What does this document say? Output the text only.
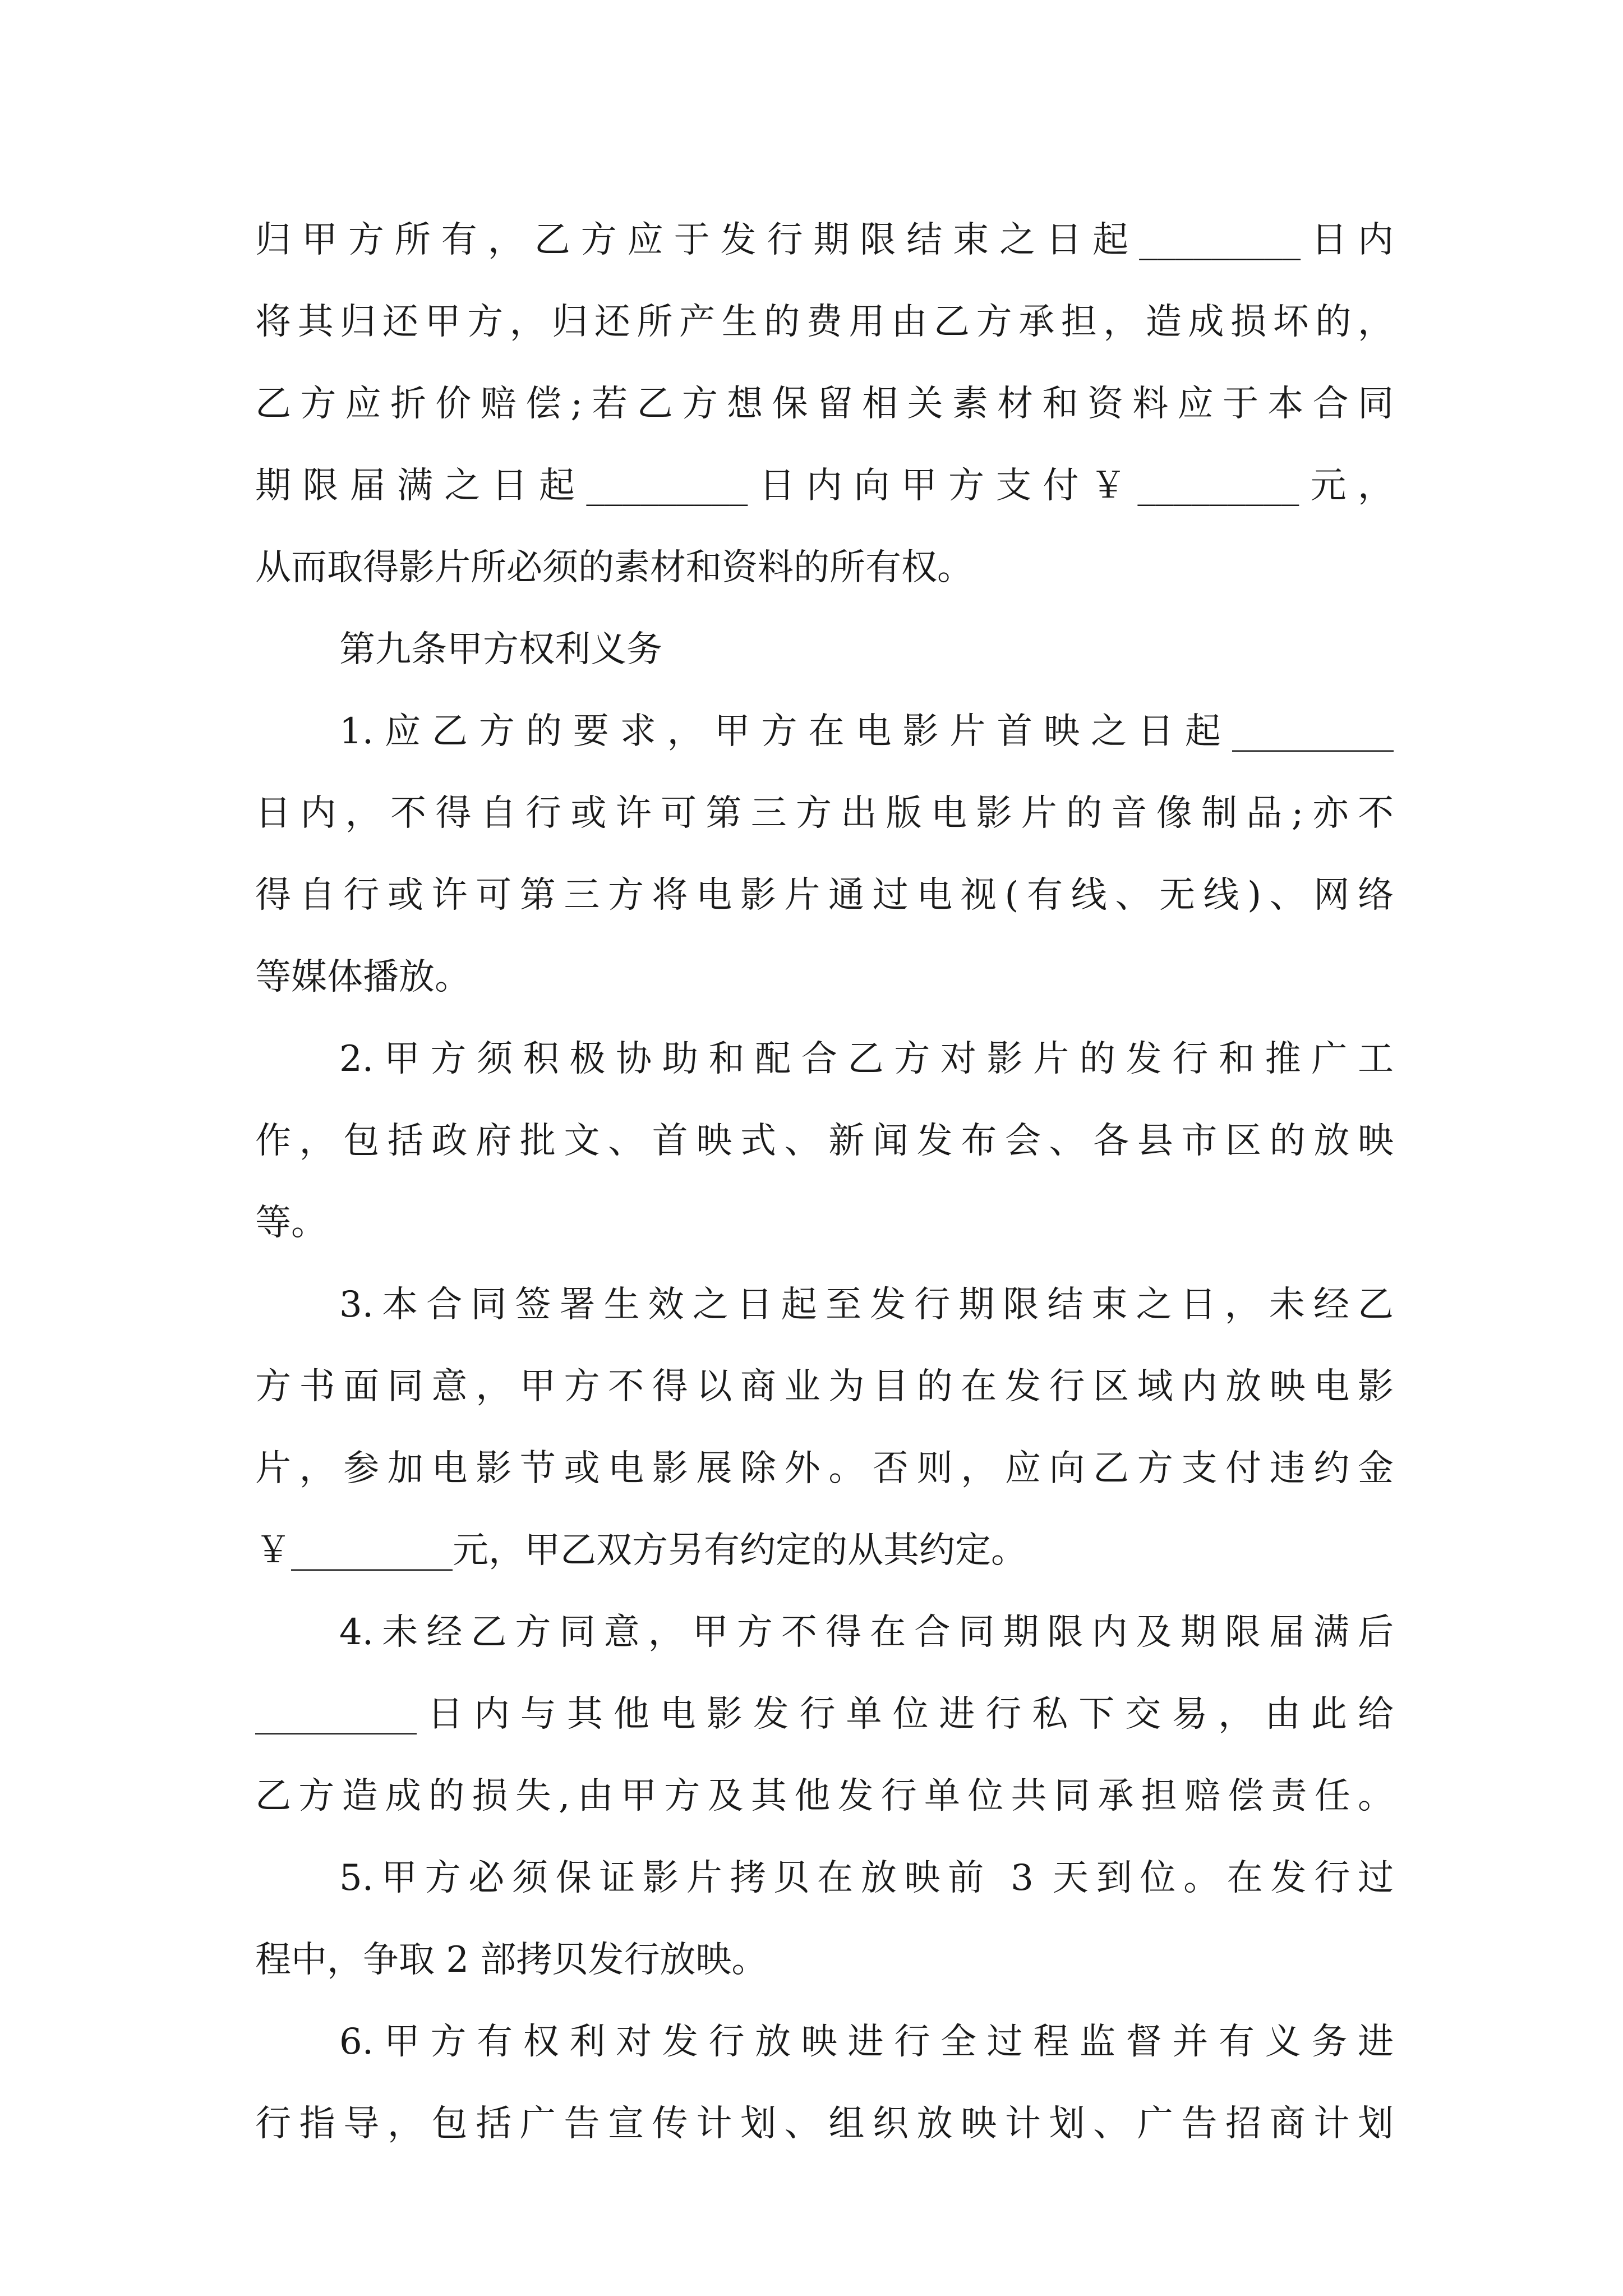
归甲方所有，乙方应于发行期限结束之日起_________日内
将其归还甲方，归还所产生的费用由乙方承担，造成损坏的，
乙方应折价赔偿;若乙方想保留相关素材和资料应于本合同
期限届满之日起_________日内向甲方支付￥_________元，
从而取得影片所必须的素材和资料的所有权。
第九条甲方权利义务
1.应乙方的要求，甲方在电影片首映之日起_________
日内，不得自行或许可第三方出版电影片的音像制品;亦不
得自行或许可第三方将电影片通过电视(有线、无线)、网络
等媒体播放。
2.甲方须积极协助和配合乙方对影片的发行和推广工
作，包括政府批文、首映式、新闻发布会、各县市区的放映
等。
3.本合同签署生效之日起至发行期限结束之日，未经乙
方书面同意，甲方不得以商业为目的在发行区域内放映电影
片，参加电影节或电影展除外。否则，应向乙方支付违约金
￥_________元，甲乙双方另有约定的从其约定。
4.未经乙方同意，甲方不得在合同期限内及期限届满后
_________日内与其他电影发行单位进行私下交易，由此给
乙方造成的损失,由甲方及其他发行单位共同承担赔偿责任。
5.甲方必须保证影片拷贝在放映前 3 天到位。在发行过
程中，争取 2 部拷贝发行放映。
6.甲方有权利对发行放映进行全过程监督并有义务进
行指导，包括广告宣传计划、组织放映计划、广告招商计划
